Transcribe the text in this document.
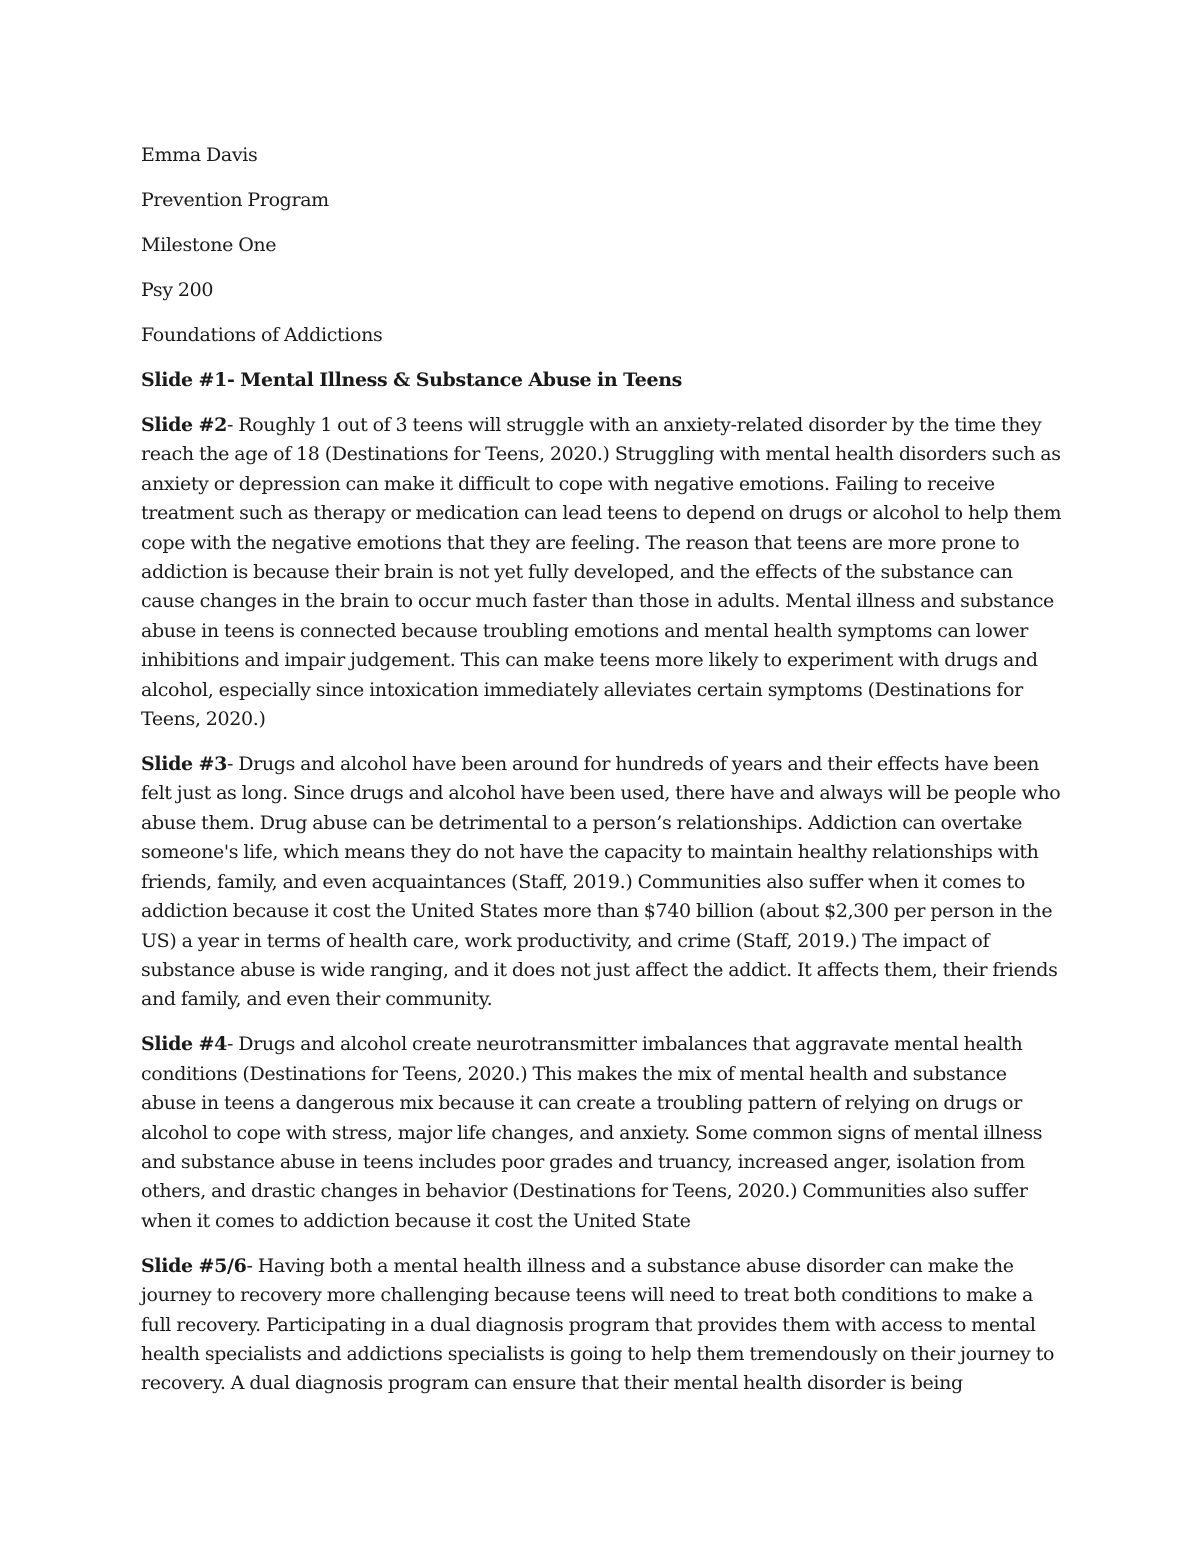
Emma Davis
Prevention Program
Milestone One
Psy 200
Foundations of Addictions
Slide #1- Mental Illness & Substance Abuse in Teens
Slide #2- Roughly 1 out of 3 teens will struggle with an anxiety-related disorder by the time they reach the age of 18 (Destinations for Teens, 2020.) Struggling with mental health disorders such as anxiety or depression can make it difficult to cope with negative emotions. Failing to receive treatment such as therapy or medication can lead teens to depend on drugs or alcohol to help them cope with the negative emotions that they are feeling. The reason that teens are more prone to addiction is because their brain is not yet fully developed, and the effects of the substance can cause changes in the brain to occur much faster than those in adults. Mental illness and substance abuse in teens is connected because troubling emotions and mental health symptoms can lower inhibitions and impair judgement. This can make teens more likely to experiment with drugs and alcohol, especially since intoxication immediately alleviates certain symptoms (Destinations for Teens, 2020.)
Slide #3- Drugs and alcohol have been around for hundreds of years and their effects have been felt just as long. Since drugs and alcohol have been used, there have and always will be people who abuse them. Drug abuse can be detrimental to a person’s relationships. Addiction can overtake someone's life, which means they do not have the capacity to maintain healthy relationships with friends, family, and even acquaintances (Staff, 2019.) Communities also suffer when it comes to addiction because it cost the United States more than $740 billion (about $2,300 per person in the US) a year in terms of health care, work productivity, and crime (Staff, 2019.) The impact of substance abuse is wide ranging, and it does not just affect the addict. It affects them, their friends and family, and even their community.
Slide #4- Drugs and alcohol create neurotransmitter imbalances that aggravate mental health conditions (Destinations for Teens, 2020.) This makes the mix of mental health and substance abuse in teens a dangerous mix because it can create a troubling pattern of relying on drugs or alcohol to cope with stress, major life changes, and anxiety. Some common signs of mental illness and substance abuse in teens includes poor grades and truancy, increased anger, isolation from others, and drastic changes in behavior (Destinations for Teens, 2020.) Communities also suffer when it comes to addiction because it cost the United State
Slide #5/6- Having both a mental health illness and a substance abuse disorder can make the journey to recovery more challenging because teens will need to treat both conditions to make a full recovery. Participating in a dual diagnosis program that provides them with access to mental health specialists and addictions specialists is going to help them tremendously on their journey to recovery. A dual diagnosis program can ensure that their mental health disorder is being
